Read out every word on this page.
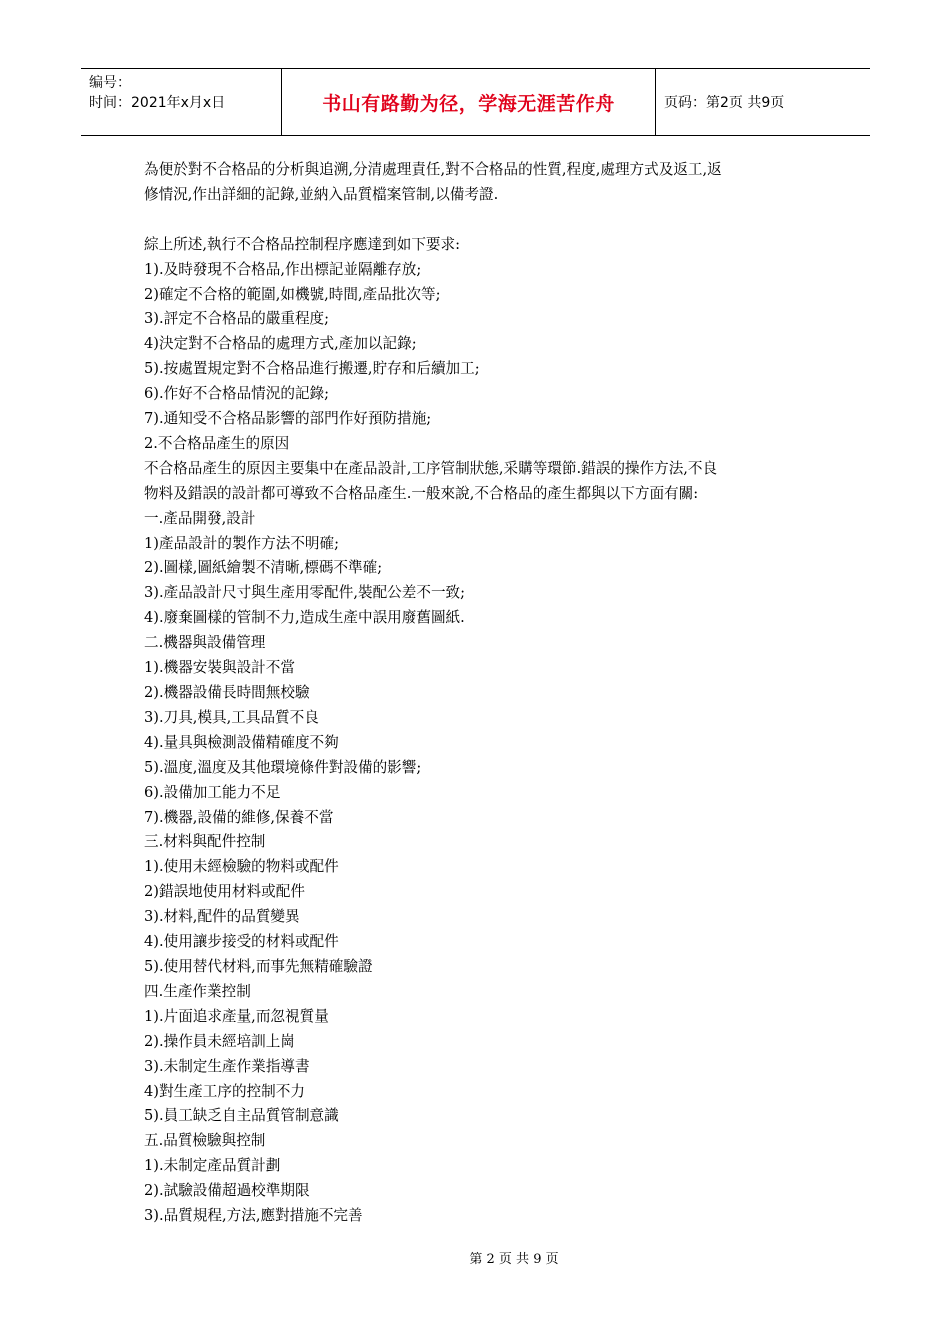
编号：
时间：2021年x月x日	书山有路勤为径，学海无涯苦作舟	页码：第2页 共9页

為便於對不合格品的分析與追溯,分清處理責任,對不合格品的性質,程度,處理方式及返工,返

修情況,作出詳細的記錄,並納入品質檔案管制,以備考證.

綜上所述,執行不合格品控制程序應達到如下要求:

1).及時發現不合格品,作出標記並隔離存放;

2)確定不合格的範圍,如機號,時間,產品批次等;

3).評定不合格品的嚴重程度;

4)決定對不合格品的處理方式,產加以記錄;

5).按處置規定對不合格品進行搬遷,貯存和后續加工;

6).作好不合格品情況的記錄;

7).通知受不合格品影響的部門作好預防措施;

2.不合格品產生的原因

不合格品產生的原因主要集中在產品設計,工序管制狀態,采購等環節.錯誤的操作方法,不良

物料及錯誤的設計都可導致不合格品產生.一般來說,不合格品的產生都與以下方面有關:

一.產品開發,設計

1)產品設計的製作方法不明確;

2).圖樣,圖紙繪製不清晰,標碼不準確;

3).產品設計尺寸與生產用零配件,裝配公差不一致;

4).廢棄圖樣的管制不力,造成生產中誤用廢舊圖紙.

二.機器與設備管理

1).機器安裝與設計不當

2).機器設備長時間無校驗

3).刀具,模具,工具品質不良

4).量具與檢測設備精確度不夠

5).溫度,溫度及其他環境條件對設備的影響;

6).設備加工能力不足

7).機器,設備的維修,保養不當

三.材料與配件控制

1).使用未經檢驗的物料或配件

2)錯誤地使用材料或配件

3).材料,配件的品質變異

4).使用讓步接受的材料或配件

5).使用替代材料,而事先無精確驗證

四.生產作業控制

1).片面追求產量,而忽視質量

2).操作員未經培訓上崗

3).未制定生產作業指導書

4)對生產工序的控制不力

5).員工缺乏自主品質管制意識

五.品質檢驗與控制

1).未制定產品質計劃

2).試驗設備超過校準期限

3).品質規程,方法,應對措施不完善

第 2 页 共 9 页
